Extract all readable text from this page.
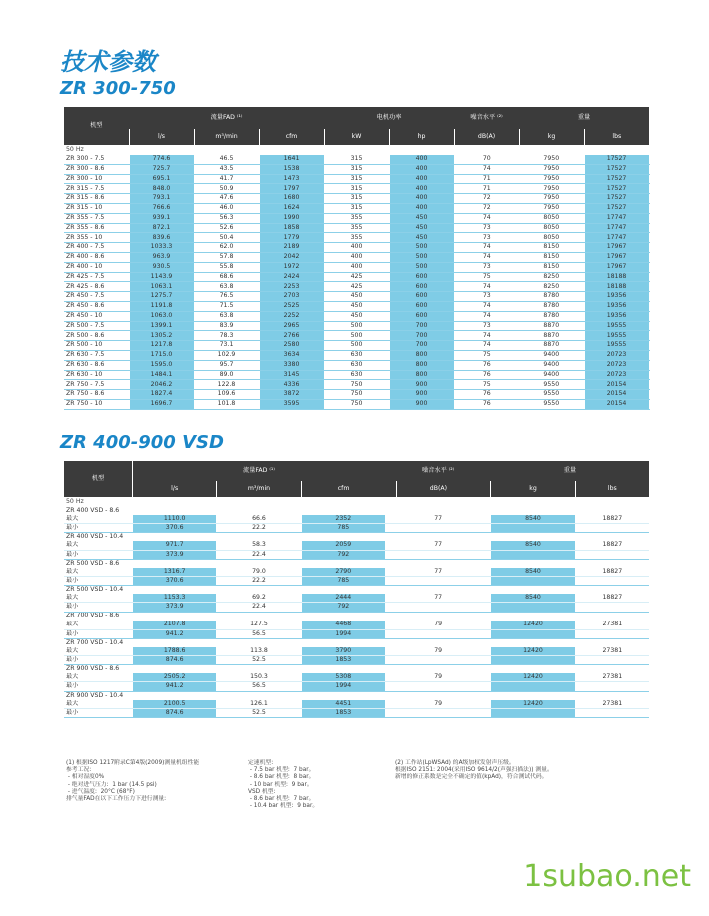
技术参数
ZR 300-750
机型	流量FAD ⁽¹⁾			电机功率		噪音水平 ⁽²⁾	重量	
	l/s	m³/min	cfm	kW	hp	dB(A)	kg	lbs
50 Hz								
ZR 300 - 7.5	774.6	46.5	1641	315	400	70	7950	17527
ZR 300 - 8.6	725.7	43.5	1538	315	400	74	7950	17527
ZR 300 - 10	695.1	41.7	1473	315	400	71	7950	17527
ZR 315 - 7.5	848.0	50.9	1797	315	400	71	7950	17527
ZR 315 - 8.6	793.1	47.6	1680	315	400	72	7950	17527
ZR 315 - 10	766.6	46.0	1624	315	400	72	7950	17527
ZR 355 - 7.5	939.1	56.3	1990	355	450	74	8050	17747
ZR 355 - 8.6	872.1	52.6	1858	355	450	73	8050	17747
ZR 355 - 10	839.6	50.4	1779	355	450	73	8050	17747
ZR 400 - 7.5	1033.3	62.0	2189	400	500	74	8150	17967
ZR 400 - 8.6	963.9	57.8	2042	400	500	74	8150	17967
ZR 400 - 10	930.5	55.8	1972	400	500	73	8150	17967
ZR 425 - 7.5	1143.9	68.6	2424	425	600	75	8250	18188
ZR 425 - 8.6	1063.1	63.8	2253	425	600	74	8250	18188
ZR 450 - 7.5	1275.7	76.5	2703	450	600	73	8780	19356
ZR 450 - 8.6	1191.8	71.5	2525	450	600	74	8780	19356
ZR 450 - 10	1063.0	63.8	2252	450	600	74	8780	19356
ZR 500 - 7.5	1399.1	83.9	2965	500	700	73	8870	19555
ZR 500 - 8.6	1305.2	78.3	2766	500	700	74	8870	19555
ZR 500 - 10	1217.8	73.1	2580	500	700	74	8870	19555
ZR 630 - 7.5	1715.0	102.9	3634	630	800	75	9400	20723
ZR 630 - 8.6	1595.0	95.7	3380	630	800	76	9400	20723
ZR 630 - 10	1484.1	89.0	3145	630	800	76	9400	20723
ZR 750 - 7.5	2046.2	122.8	4336	750	900	75	9550	20154
ZR 750 - 8.6	1827.4	109.6	3872	750	900	76	9550	20154
ZR 750 - 10	1696.7	101.8	3595	750	900	76	9550	20154
ZR 400-900 VSD
机型	流量FAD ⁽¹⁾				噪音水平 ⁽²⁾		重量	
	l/s	m³/min	cfm		dB(A)		kg	lbs
50 Hz								
ZR 400 VSD - 8.6								
最大	1110.0	66.6	2352		77		8540	18827
最小	370.6	22.2	785					
ZR 400 VSD - 10.4								
最大	971.7	58.3	2059		77		8540	18827
最小	373.9	22.4	792					
ZR 500 VSD - 8.6								
最大	1316.7	79.0	2790		77		8540	18827
最小	370.6	22.2	785					
ZR 500 VSD - 10.4								
最大	1153.3	69.2	2444		77		8540	18827
最小	373.9	22.4	792					
ZR 700 VSD - 8.6								
最大	2107.8	127.5	4468		79		12420	27381
最小	941.2	56.5	1994					
ZR 700 VSD - 10.4								
最大	1788.6	113.8	3790		79		12420	27381
最小	874.6	52.5	1853					
ZR 900 VSD - 8.6								
最大	2505.2	150.3	5308		79		12420	27381
最小	941.2	56.5	1994					
ZR 900 VSD - 10.4								
最大	2100.5	126.1	4451		79		12420	27381
最小	874.6	52.5	1853					
(1) 根据ISO 1217附录C第4版(2009)测量机组性能
参考工况:
- 相对湿度0%
- 绝对进气压力:  1 bar (14.5 psi)
- 进气温度:  20°C (68°F)
排气量FAD在以下工作压力下进行测量:
定速机型:
- 7.5 bar 机型:  7 bar。
- 8.6 bar 机型:  8 bar。
- 10 bar 机型:  9 bar。
VSD 机型:
- 8.6 bar 机型:  7 bar。
- 10.4 bar 机型:  9 bar。
(2) 工作站(LpWSAd) 的A级加权发射声压级。
根据ISO 2151: 2004(采用ISO 9614/2(声强扫描法)) 测量。
新增的修正系数是完全不确定的值(kpAd)，符合测试代码。
1subao.net
